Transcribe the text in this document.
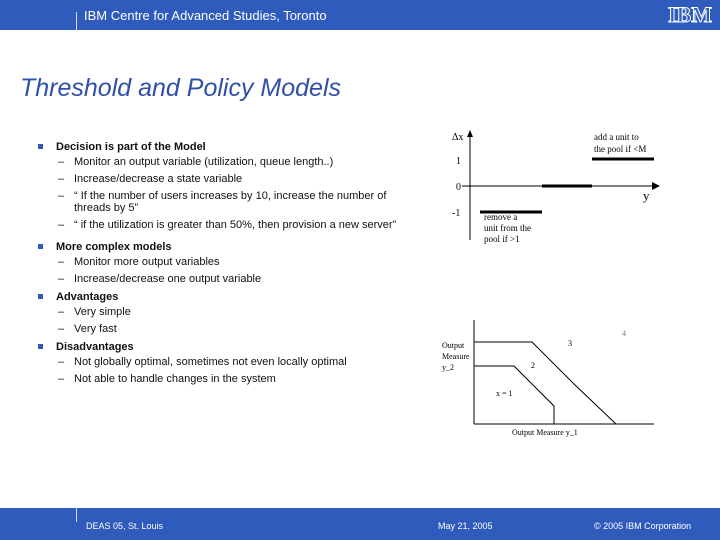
IBM Centre for Advanced Studies, Toronto	IBM
Threshold and Policy Models
Decision is part of the Model
– Monitor an output variable (utilization, queue length..)
– Increase/decrease a state variable
– “ If the number of users increases by 10, increase the number of threads by 5”
– “ if the utilization is greater than 50%, then provision a new server”
More complex models
– Monitor more output variables
– Increase/decrease one output variable
Advantages
– Very simple
– Very fast
Disadvantages
– Not globally optimal, sometimes not even locally optimal
– Not able to handle changes in the system
Δx
y
1
0
-1
add a unit to
the pool if <M
remove a
unit from the
pool if >1
Output
Measure
y_2
x = 1
2
3
4
Output Measure y_1
DEAS 05, St. Louis	May 21, 2005	© 2005 IBM Corporation
